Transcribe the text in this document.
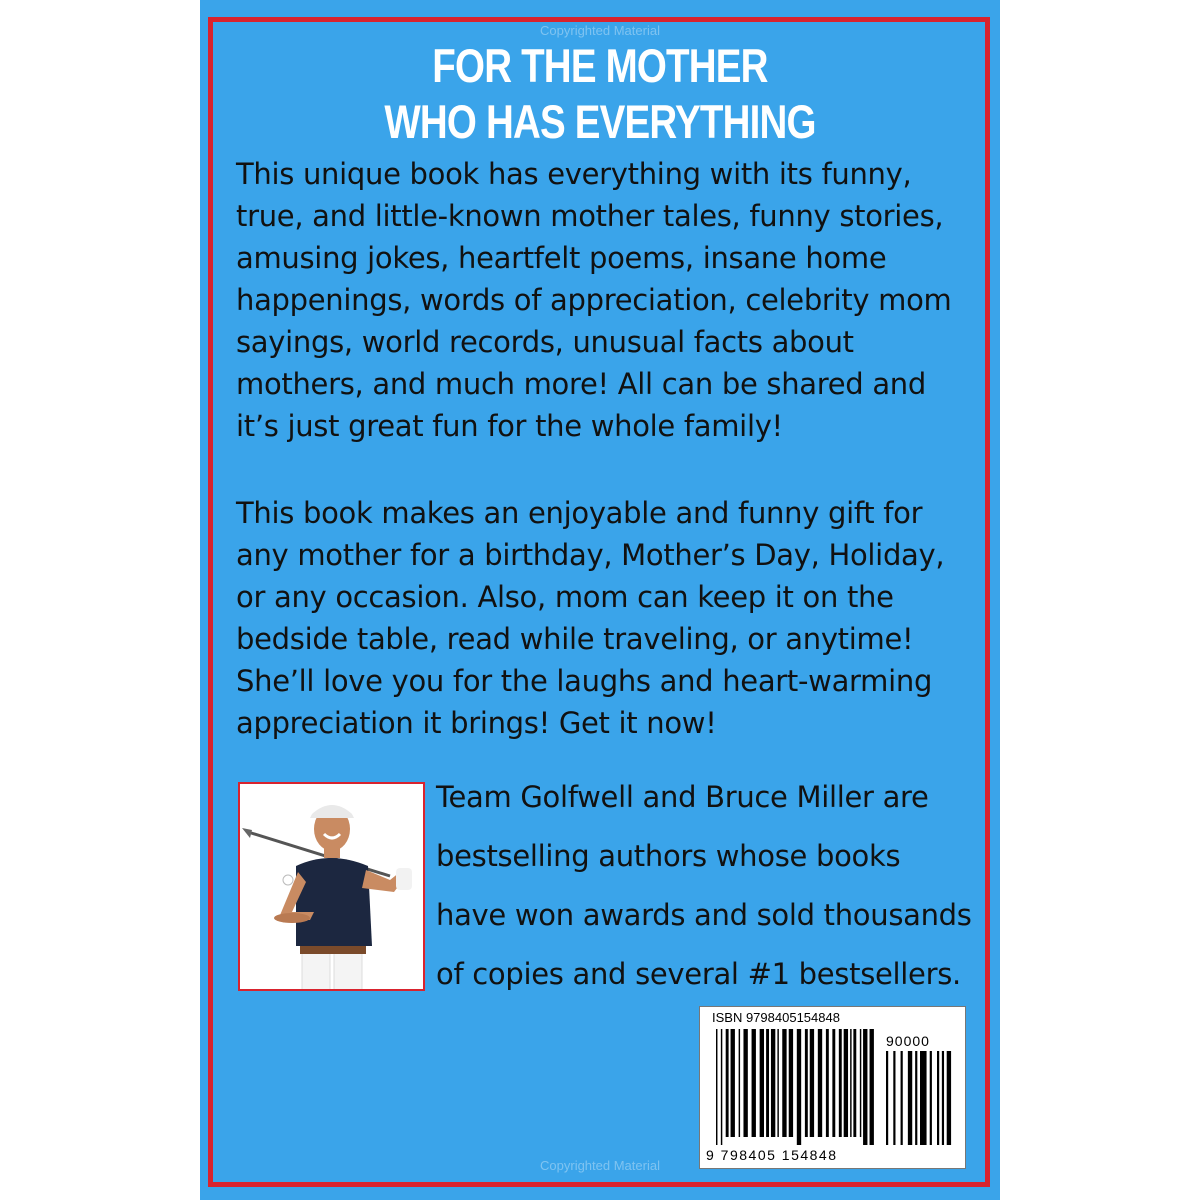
Copyrighted Material
FOR THE MOTHER
WHO HAS EVERYTHING
This unique book has everything with its funny, true, and little-known mother tales, funny stories, amusing jokes, heartfelt poems, insane home happenings, words of appreciation, celebrity mom sayings, world records, unusual facts about mothers, and much more! All can be shared and it’s just great fun for the whole family!
This book makes an enjoyable and funny gift for any mother for a birthday, Mother’s Day, Holiday, or any occasion. Also, mom can keep it on the bedside table, read while traveling, or anytime! She’ll love you for the laughs and heart-warming appreciation it brings! Get it now!
Team Golfwell and Bruce Miller are bestselling authors whose books have won awards and sold thousands of copies and several #1 bestsellers.
ISBN 9798405154848
90000
9 798405 154848
Copyrighted Material
